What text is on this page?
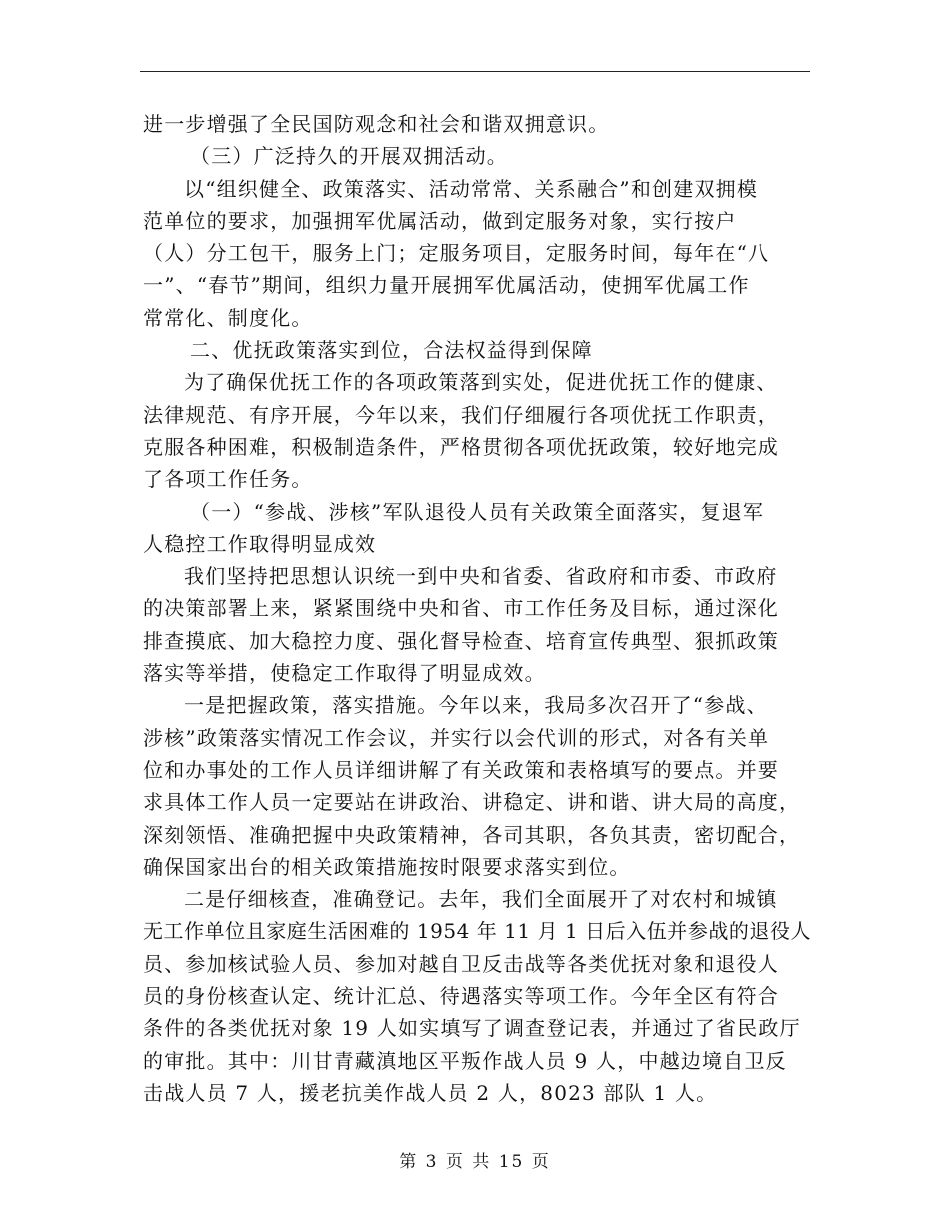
进一步增强了全民国防观念和社会和谐双拥意识。
（三）广泛持久的开展双拥活动。
以“组织健全、政策落实、活动常常、关系融合”和创建双拥模
范单位的要求，加强拥军优属活动，做到定服务对象，实行按户
（人）分工包干，服务上门；定服务项目，定服务时间，每年在“八
一”、“春节”期间，组织力量开展拥军优属活动，使拥军优属工作
常常化、制度化。
二、优抚政策落实到位，合法权益得到保障
为了确保优抚工作的各项政策落到实处，促进优抚工作的健康、
法律规范、有序开展，今年以来，我们仔细履行各项优抚工作职责，
克服各种困难，积极制造条件，严格贯彻各项优抚政策，较好地完成
了各项工作任务。
（一）“参战、涉核”军队退役人员有关政策全面落实，复退军
人稳控工作取得明显成效
我们坚持把思想认识统一到中央和省委、省政府和市委、市政府
的决策部署上来，紧紧围绕中央和省、市工作任务及目标，通过深化
排查摸底、加大稳控力度、强化督导检查、培育宣传典型、狠抓政策
落实等举措，使稳定工作取得了明显成效。
一是把握政策，落实措施。今年以来，我局多次召开了“参战、
涉核”政策落实情况工作会议，并实行以会代训的形式，对各有关单
位和办事处的工作人员详细讲解了有关政策和表格填写的要点。并要
求具体工作人员一定要站在讲政治、讲稳定、讲和谐、讲大局的高度，
深刻领悟、准确把握中央政策精神，各司其职，各负其责，密切配合，
确保国家出台的相关政策措施按时限要求落实到位。
二是仔细核查，准确登记。去年，我们全面展开了对农村和城镇
无工作单位且家庭生活困难的 1954 年 11 月 1 日后入伍并参战的退役人
员、参加核试验人员、参加对越自卫反击战等各类优抚对象和退役人
员的身份核查认定、统计汇总、待遇落实等项工作。今年全区有符合
条件的各类优抚对象 19 人如实填写了调查登记表，并通过了省民政厅
的审批。其中：川甘青藏滇地区平叛作战人员 9 人，中越边境自卫反
击战人员 7 人，援老抗美作战人员 2 人，8023 部队 1 人。
第 3 页 共 15 页
